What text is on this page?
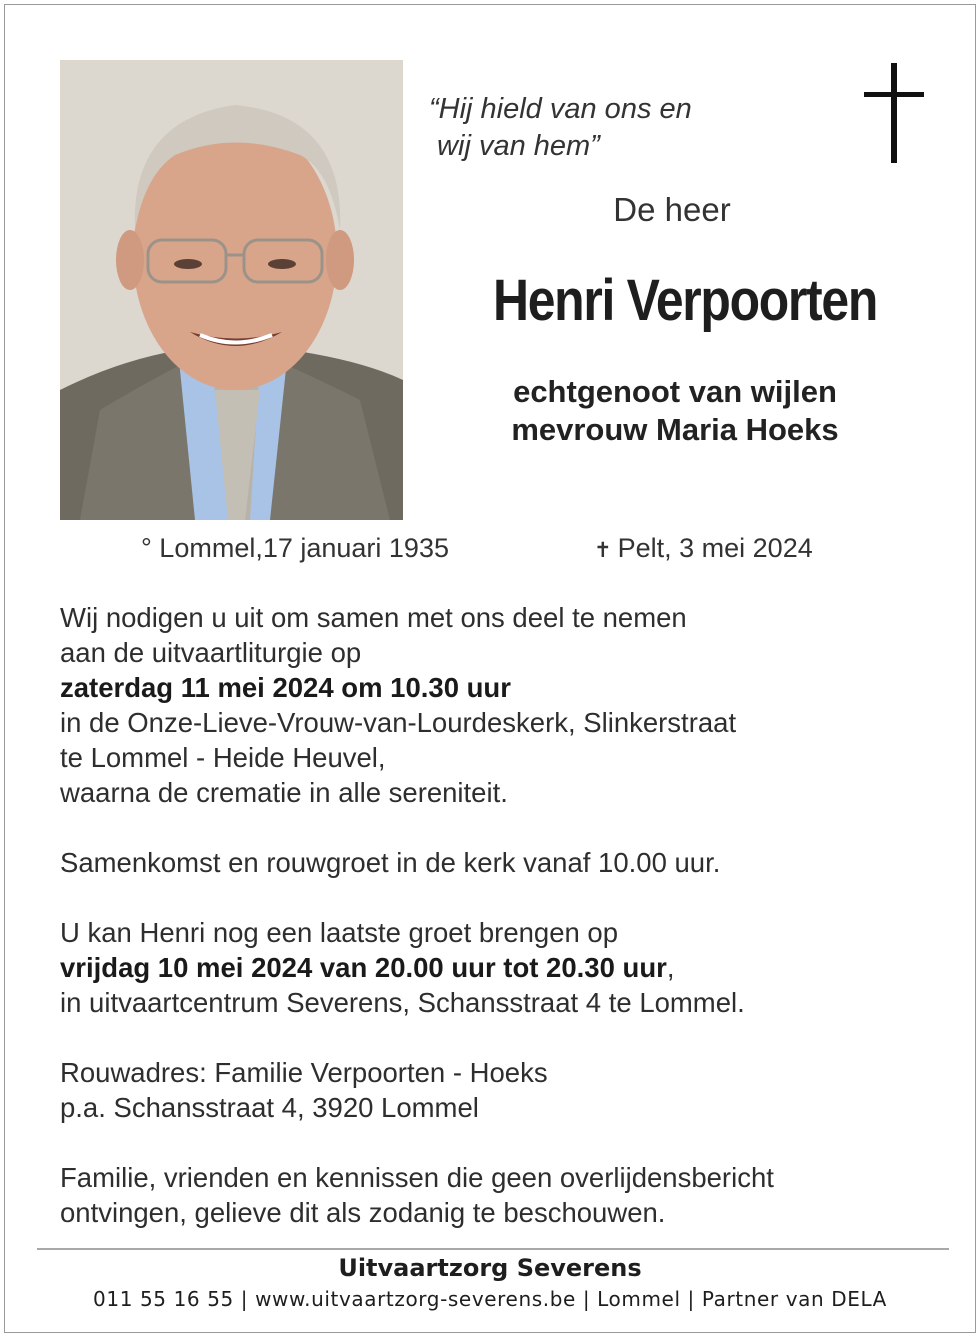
“Hij hield van ons en
wij van hem”
De heer
Henri Verpoorten
echtgenoot van wijlen
mevrouw Maria Hoeks
° Lommel,17 januari 1935	✝ Pelt, 3 mei 2024

Wij nodigen u uit om samen met ons deel te nemen

aan de uitvaartliturgie op

zaterdag 11 mei 2024 om 10.30 uur

in de Onze-Lieve-Vrouw-van-Lourdeskerk, Slinkerstraat

te Lommel - Heide Heuvel,

waarna de crematie in alle sereniteit.

Samenkomst en rouwgroet in de kerk vanaf 10.00 uur.

U kan Henri nog een laatste groet brengen op

vrijdag 10 mei 2024 van 20.00 uur tot 20.30 uur,

in uitvaartcentrum Severens, Schansstraat 4 te Lommel.

Rouwadres: Familie Verpoorten - Hoeks

p.a. Schansstraat 4, 3920 Lommel

Familie, vrienden en kennissen die geen overlijdensbericht

ontvingen, gelieve dit als zodanig te beschouwen.

Uitvaartzorg Severens
011 55 16 55 | www.uitvaartzorg-severens.be | Lommel | Partner van DELA
